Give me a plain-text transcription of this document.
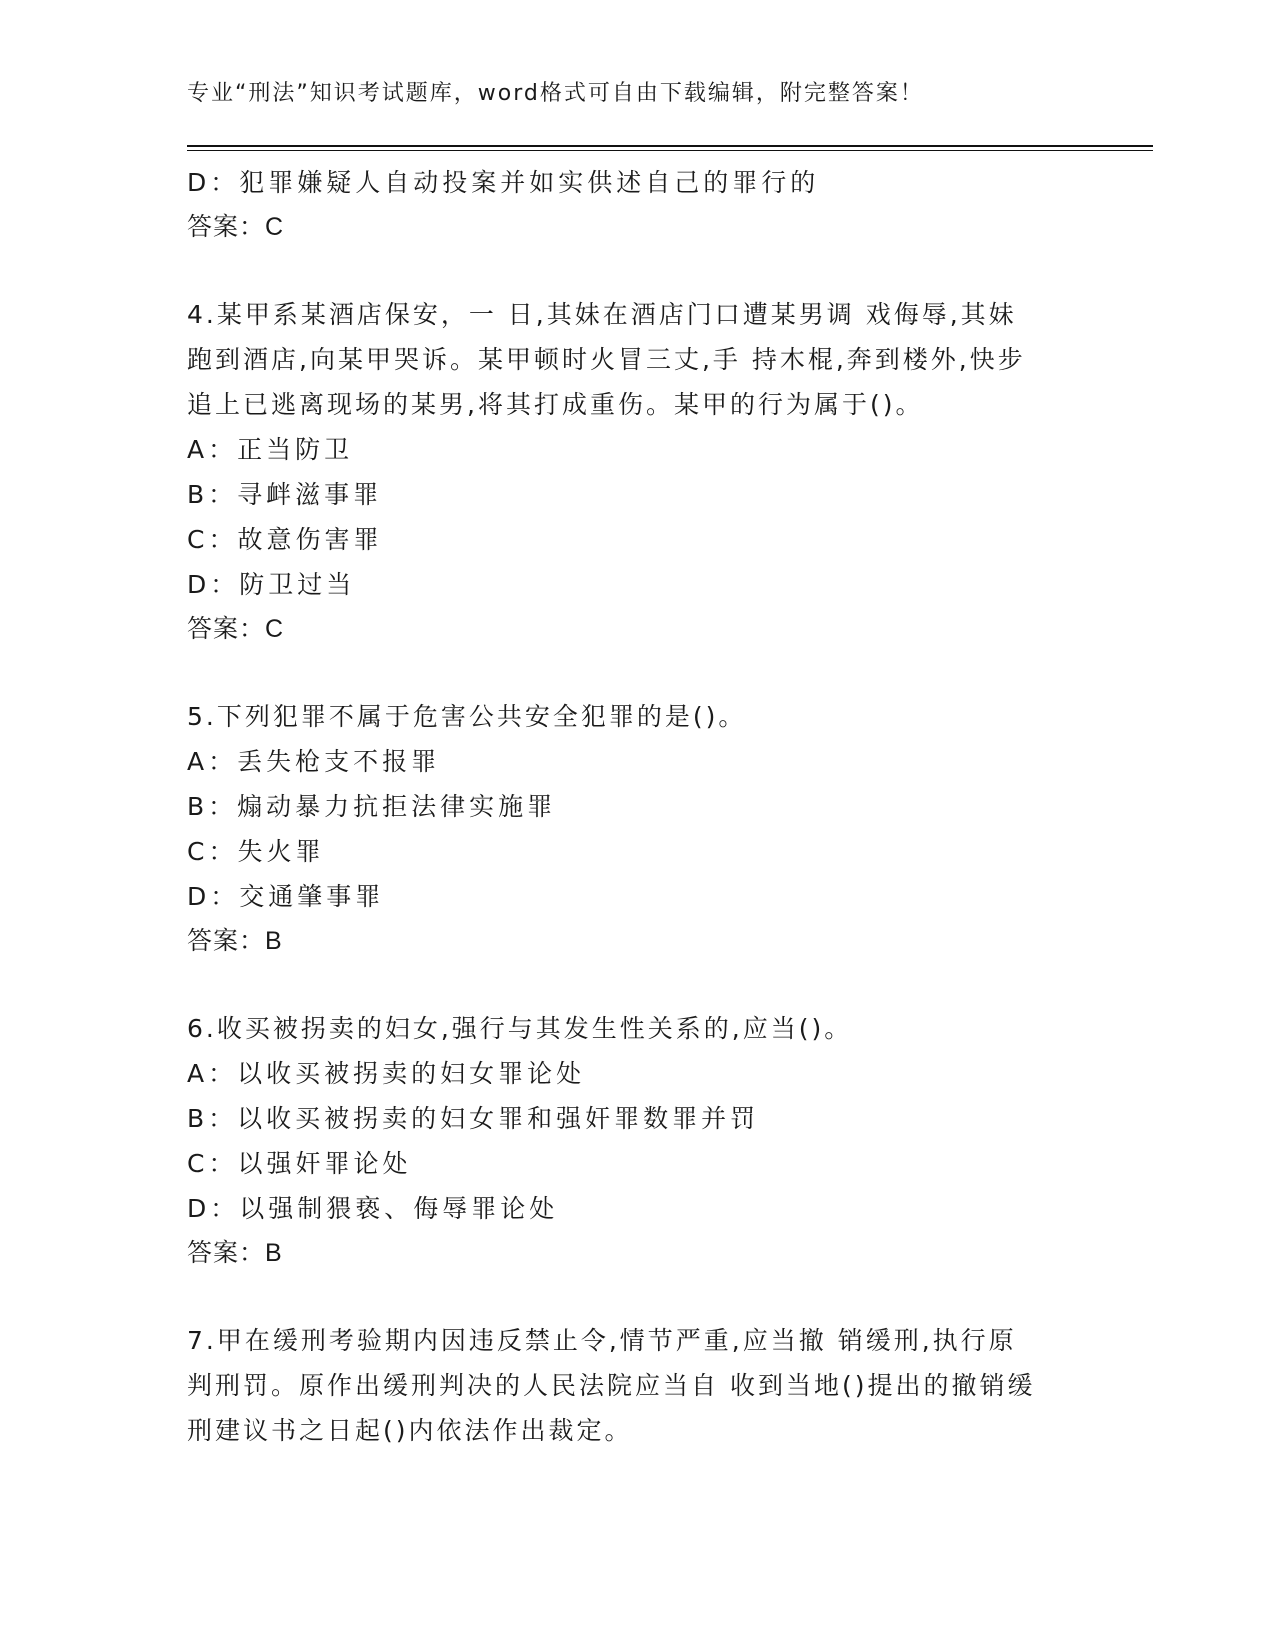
专业“刑法”知识考试题库，word格式可自由下载编辑，附完整答案！
D：犯罪嫌疑人自动投案并如实供述自己的罪行的
答案：C
4.某甲系某酒店保安，一 日,其妹在酒店门口遭某男调 戏侮辱,其妹
跑到酒店,向某甲哭诉。某甲顿时火冒三丈,手 持木棍,奔到楼外,快步
追上已逃离现场的某男,将其打成重伤。某甲的行为属于()。
A：正当防卫
B：寻衅滋事罪
C：故意伤害罪
D：防卫过当
答案：C
5.下列犯罪不属于危害公共安全犯罪的是()。
A：丢失枪支不报罪
B：煽动暴力抗拒法律实施罪
C：失火罪
D：交通肇事罪
答案：B
6.收买被拐卖的妇女,强行与其发生性关系的,应当()。
A：以收买被拐卖的妇女罪论处
B：以收买被拐卖的妇女罪和强奸罪数罪并罚
C：以强奸罪论处
D：以强制猥亵、侮辱罪论处
答案：B
7.甲在缓刑考验期内因违反禁止令,情节严重,应当撤 销缓刑,执行原
判刑罚。原作出缓刑判决的人民法院应当自 收到当地()提出的撤销缓
刑建议书之日起()内依法作出裁定。
